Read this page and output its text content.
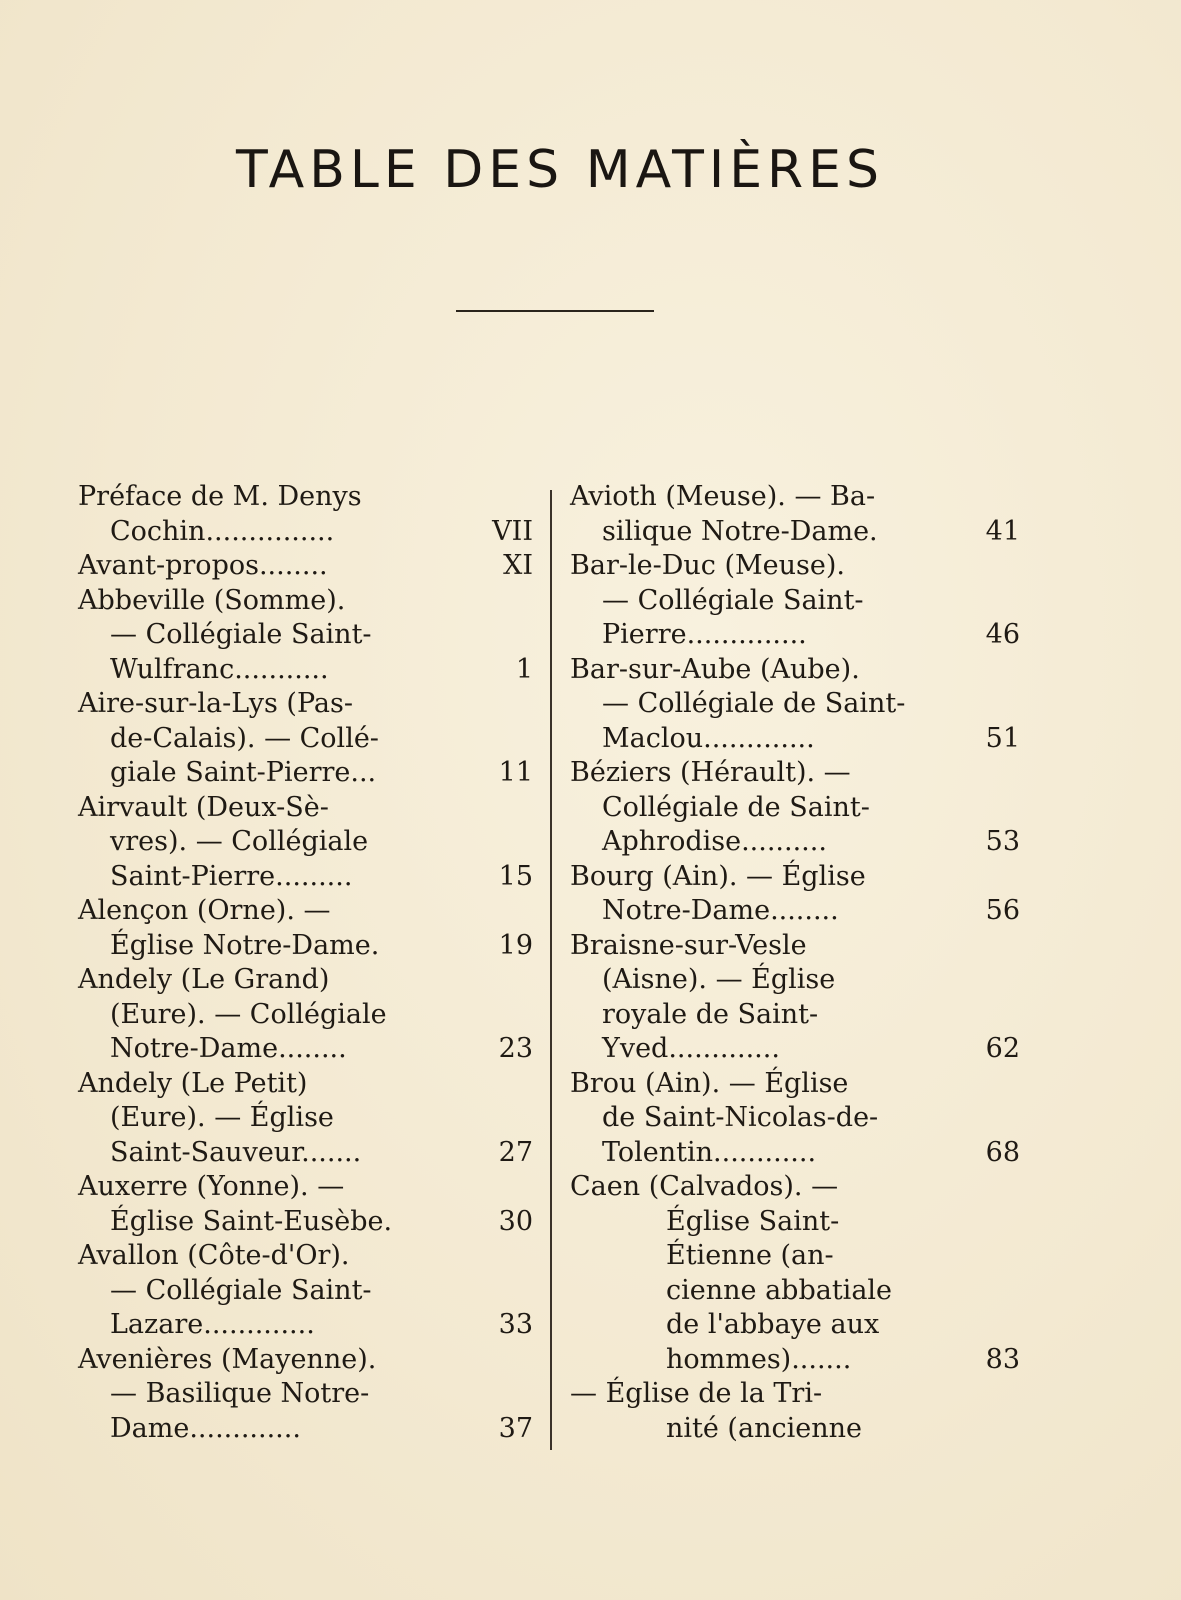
TABLE DES MATIÈRES
Préface de M. Denys
Cochin...............	VII
Avant-propos........	XI
Abbeville (Somme).
— Collégiale Saint-
Wulfranc...........	1
Aire-sur-la-Lys (Pas-
de-Calais). — Collé-
giale Saint-Pierre...	11
Airvault (Deux-Sè-
vres). — Collégiale
Saint-Pierre.........	15
Alençon (Orne). —
Église Notre-Dame.	19
Andely (Le Grand)
(Eure). — Collégiale
Notre-Dame........	23
Andely (Le Petit)
(Eure). — Église
Saint-Sauveur.......	27
Auxerre (Yonne). —
Église Saint-Eusèbe.	30
Avallon (Côte-d'Or).
— Collégiale Saint-
Lazare.............	33
Avenières (Mayenne).
— Basilique Notre-
Dame.............	37
Avioth (Meuse). — Ba-
silique Notre-Dame.	41
Bar-le-Duc (Meuse).
— Collégiale Saint-
Pierre..............	46
Bar-sur-Aube (Aube).
— Collégiale de Saint-
Maclou.............	51
Béziers (Hérault). —
Collégiale de Saint-
Aphrodise..........	53
Bourg (Ain). — Église
Notre-Dame........	56
Braisne-sur-Vesle
(Aisne). — Église
royale de Saint-
Yved.............	62
Brou (Ain). — Église
de Saint-Nicolas-de-
Tolentin............	68
Caen (Calvados). —
Église Saint-
Étienne (an-
cienne abbatiale
de l'abbaye aux
hommes).......	83
— Église de la Tri-
nité (ancienne
